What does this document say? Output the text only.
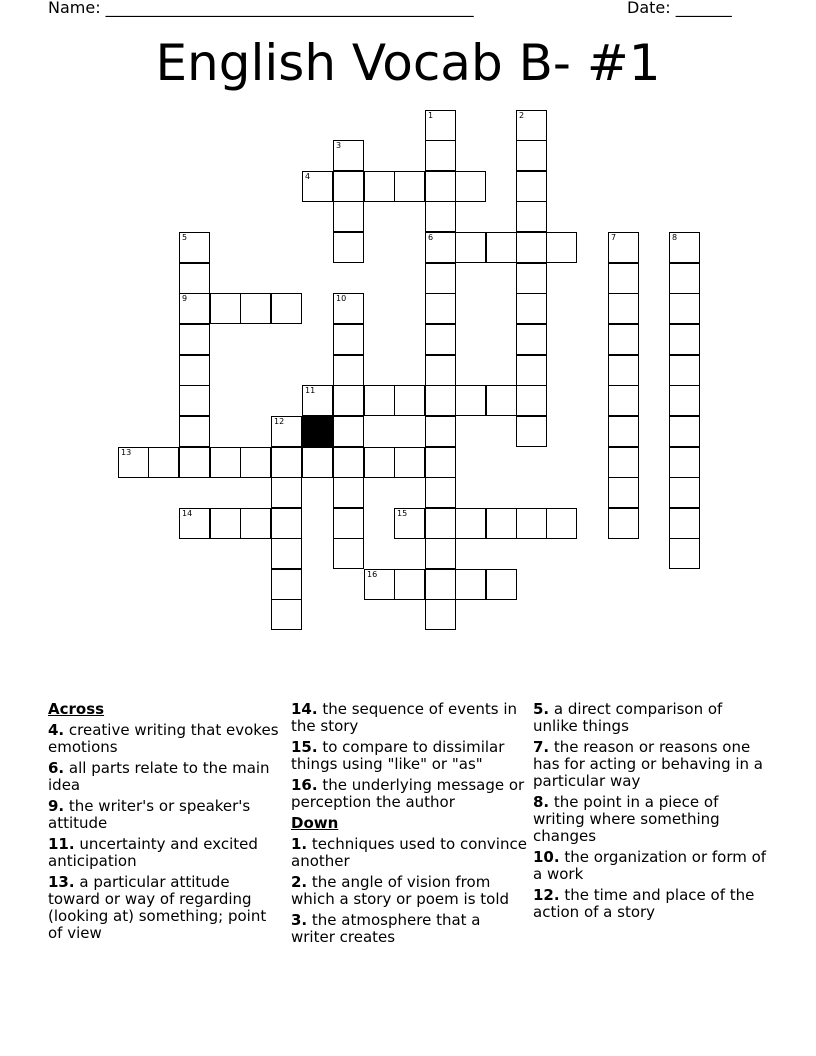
Name: ______________________________________________	Date: _______
English Vocab B- #1
1	2
3
4
5	6	7	8
9	10
11
12
13
14	15
16
Across
4. creative writing that evokes emotions
6. all parts relate to the main idea
9. the writer's or speaker's attitude
11. uncertainty and excited anticipation
13. a particular attitude toward or way of regarding (looking at) something; point of view
14. the sequence of events in the story
15. to compare to dissimilar things using "like" or "as"
16. the underlying message or perception the author
Down
1. techniques used to convince another
2. the angle of vision from which a story or poem is told
3. the atmosphere that a writer creates
5. a direct comparison of unlike things
7. the reason or reasons one has for acting or behaving in a particular way
8. the point in a piece of writing where something changes
10. the organization or form of a work
12. the time and place of the action of a story
